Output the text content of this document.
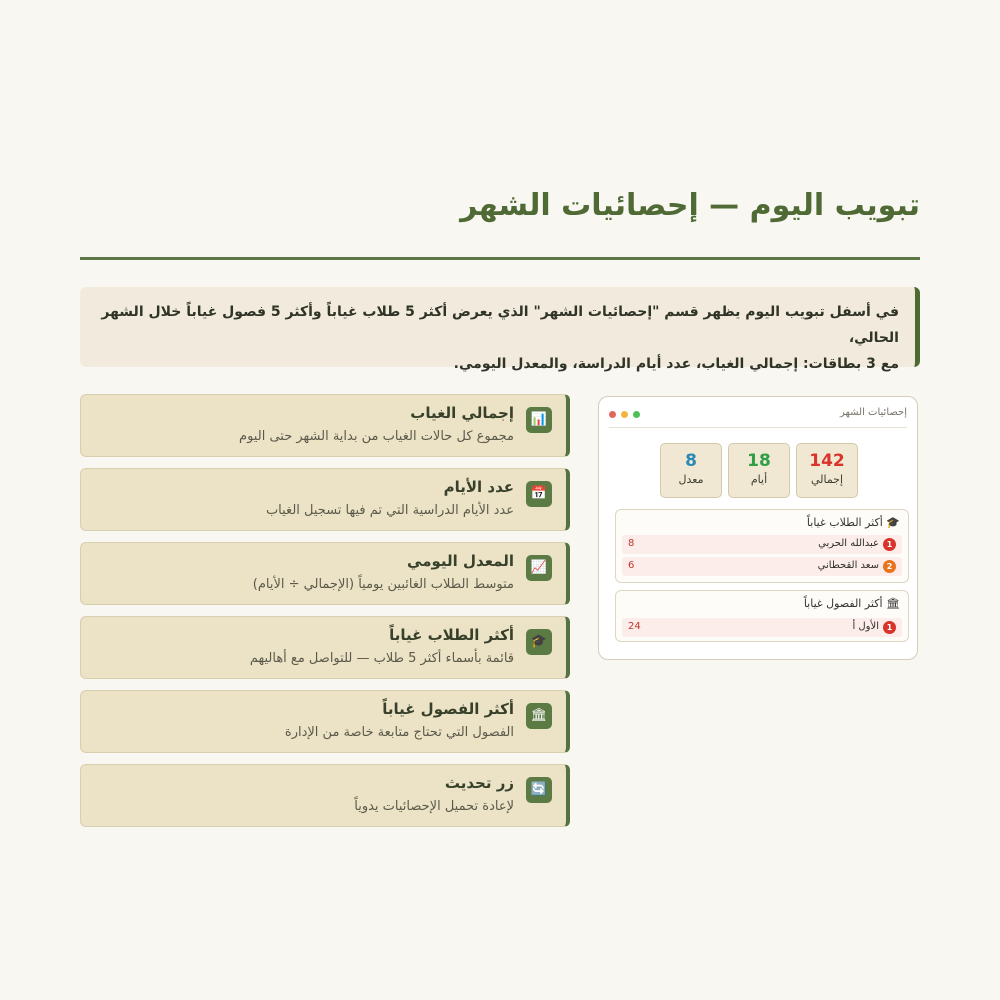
تبويب اليوم — إحصائيات الشهر
في أسفل تبويب اليوم يظهر قسم "إحصائيات الشهر" الذي يعرض أكثر 5 طلاب غياباً وأكثر 5 فصول غياباً خلال الشهر الحالي،
مع 3 بطاقات: إجمالي الغياب، عدد أيام الدراسة، والمعدل اليومي.
📊
إجمالي الغياب
مجموع كل حالات الغياب من بداية الشهر حتى اليوم
📅
عدد الأيام
عدد الأيام الدراسية التي تم فيها تسجيل الغياب
📈
المعدل اليومي
متوسط الطلاب الغائبين يومياً (الإجمالي ÷ الأيام)
🎓
أكثر الطلاب غياباً
قائمة بأسماء أكثر 5 طلاب — للتواصل مع أهاليهم
🏛
أكثر الفصول غياباً
الفصول التي تحتاج متابعة خاصة من الإدارة
🔄
زر تحديث
لإعادة تحميل الإحصائيات يدوياً
إحصائيات الشهر
142
إجمالي
18
أيام
8
معدل
🎓 أكثر الطلاب غياباً
1
عبدالله الحربي
8
2
سعد القحطاني
6
🏛 أكثر الفصول غياباً
1
الأول أ
24
